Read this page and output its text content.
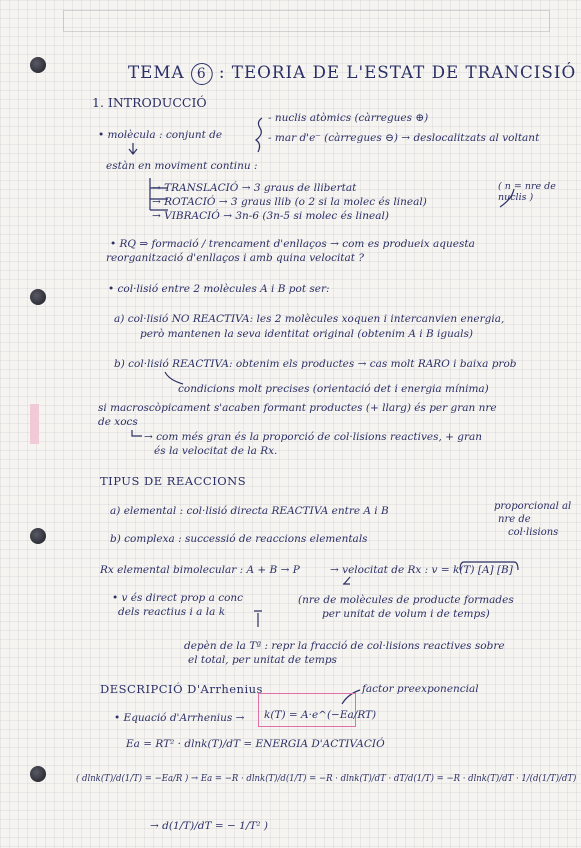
TEMA 6 : TEORIA DE L'ESTAT DE TRANCISIÓ
1. INTRODUCCIÓ
- nuclis atòmics (càrregues ⊕)
• molècula : conjunt de	- mar d'e⁻ (càrregues ⊖) → deslocalitzats al voltant
estàn en moviment continu :
→ TRANSLACIÓ → 3 graus de llibertat
→ ROTACIÓ → 3 graus llib (o 2 si la molec és lineal)
→ VIBRACIÓ → 3n-6 (3n-5 si molec és lineal)
( n = nre de nuclis )
• RQ ⇒ formació / trencament d'enllaços → com es produeix aquesta
reorganització d'enllaços i amb quina velocitat ?
• col·lisió entre 2 molècules A i B pot ser:
a) col·lisió NO REACTIVA: les 2 molècules xoquen i intercanvien energia,
però mantenen la seva identitat original (obtenim A i B iguals)
b) col·lisió REACTIVA: obtenim els productes → cas molt RARO i baixa prob
condicions molt precises (orientació det i energia mínima)
si macroscòpicament s'acaben formant productes (+ llarg) és per gran nre
de xocs
→ com més gran és la proporció de col·lisions reactives, + gran
és la velocitat de la Rx.
TIPUS DE REACCIONS
a) elemental : col·lisió directa REACTIVA entre A i B	proporcional al
nre de
col·lisions
b) complexa : successió de reaccions elementals
Rx elemental bimolecular : A + B → P	→ velocitat de Rx : v = k(T) [A] [B]
• v és direct prop a conc
dels reactius i a la k
(nre de molècules de producte formades
per unitat de volum i de temps)
depèn de la Tª : repr la fracció de col·lisions reactives sobre
el total, per unitat de temps
DESCRIPCIÓ D'Arrhenius	factor preexponencial
• Equació d'Arrhenius → k(T) = A·e^(−Ea/RT)
Ea = RT² · dlnk(T)/dT = ENERGIA D'ACTIVACIÓ
( dlnk(T)/d(1/T) = −Ea/R ) → Ea = −R · dlnk(T)/d(1/T) = −R · dlnk(T)/dT · dT/d(1/T) = −R · dlnk(T)/dT · 1/(d(1/T)/dT)
→ d(1/T)/dT = − 1/T² )
